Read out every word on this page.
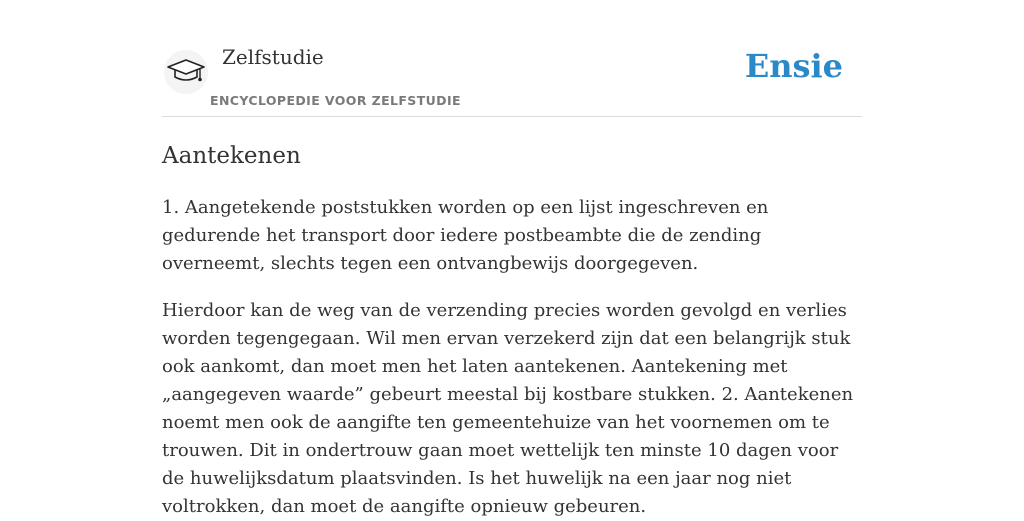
Zelfstudie
ENCYCLOPEDIE VOOR ZELFSTUDIE
Ensie
Aantekenen

1. Aangetekende poststukken worden op een lijst ingeschreven en gedurende het transport door iedere postbeambte die de zending overneemt, slechts tegen een ontvangbewijs doorgegeven.

Hierdoor kan de weg van de verzending precies worden gevolgd en verlies worden tegengegaan. Wil men ervan verzekerd zijn dat een belangrijk stuk ook aankomt, dan moet men het laten aantekenen. Aantekening met „aangegeven waarde” gebeurt meestal bij kostbare stukken. 2. Aantekenen noemt men ook de aangifte ten gemeentehuize van het voornemen om te trouwen. Dit in ondertrouw gaan moet wettelijk ten minste 10 dagen voor de huwelijksdatum plaatsvinden. Is het huwelijk na een jaar nog niet voltrokken, dan moet de aangifte opnieuw gebeuren.
